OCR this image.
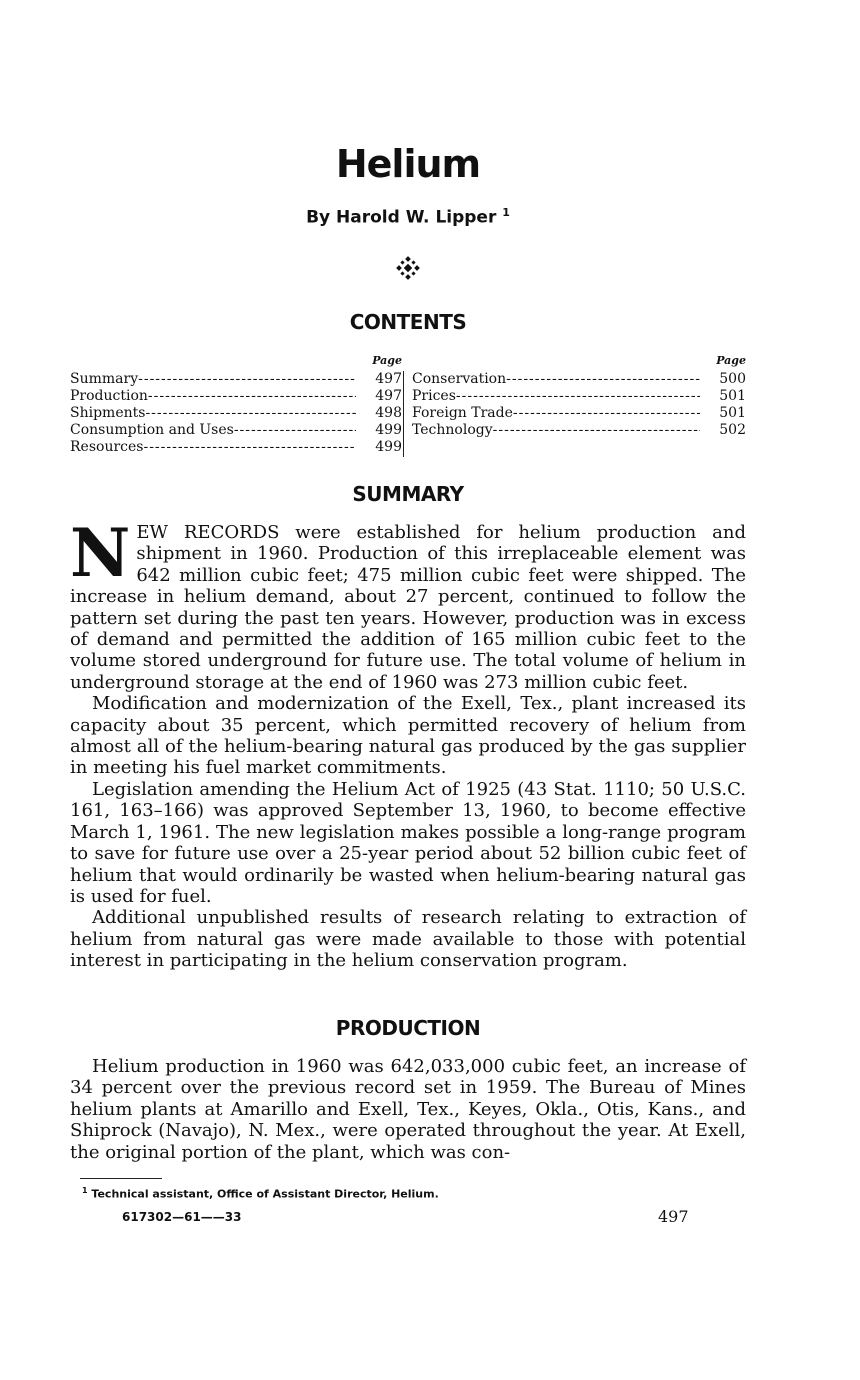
Helium
By Harold W. Lipper $^1$
CONTENTS
Page
Summary -----	497
Production -----	497
Shipments -----	498
Consumption and Uses -----	499
Resources -----	499
Page
Conservation -----	500
Prices -----	501
Foreign Trade -----	501
Technology -----	502
SUMMARY

NEW RECORDS were established for helium production and shipment in 1960. Production of this irreplaceable element was 642 million cubic feet; 475 million cubic feet were shipped. The increase in helium demand, about 27 percent, continued to follow the pattern set during the past ten years. However, production was in excess of demand and permitted the addition of 165 million cubic feet to the volume stored underground for future use. The total volume of helium in underground storage at the end of 1960 was 273 million cubic feet.

Modification and modernization of the Exell, Tex., plant increased its capacity about 35 percent, which permitted recovery of helium from almost all of the helium-bearing natural gas produced by the gas supplier in meeting his fuel market commitments.

Legislation amending the Helium Act of 1925 (43 Stat. 1110; 50 U.S.C. 161, 163–166) was approved September 13, 1960, to become effective March 1, 1961. The new legislation makes possible a long-range program to save for future use over a 25-year period about 52 billion cubic feet of helium that would ordinarily be wasted when helium-bearing natural gas is used for fuel.

Additional unpublished results of research relating to extraction of helium from natural gas were made available to those with potential interest in participating in the helium conservation program.

PRODUCTION

Helium production in 1960 was 642,033,000 cubic feet, an increase of 34 percent over the previous record set in 1959. The Bureau of Mines helium plants at Amarillo and Exell, Tex., Keyes, Okla., Otis, Kans., and Shiprock (Navajo), N. Mex., were operated throughout the year. At Exell, the original portion of the plant, which was con-

$^1$ Technical assistant, Office of Assistant Director, Helium.
617302—61——33	497
